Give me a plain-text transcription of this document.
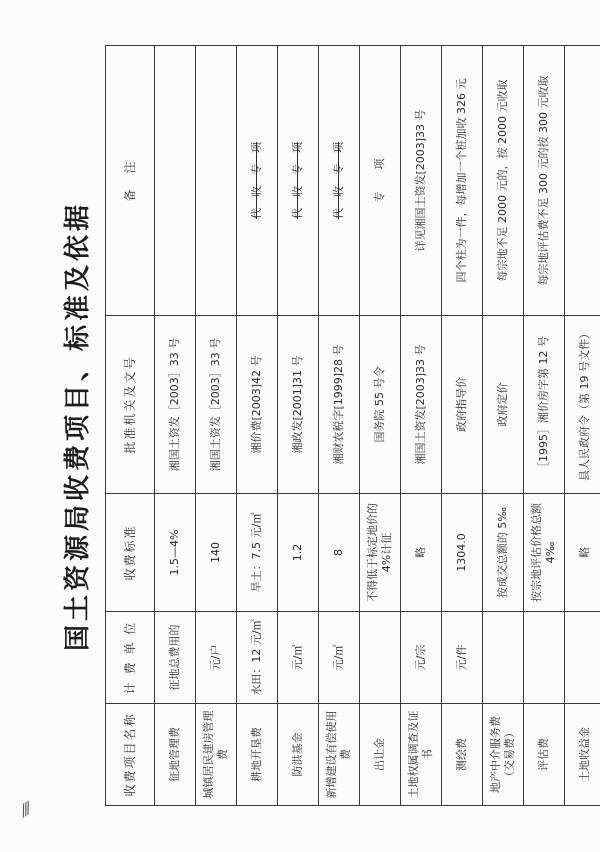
国土资源局收费项目、标准及依据
收费项目名称	计 费 单 位	收费标准	批准机关及文号	备　注
征地管理费	征地总费用的	1.5—4%	湘国土资发［2003］33 号	
城镇居民建房管理费	元/户	140	湘国土资发［2003］33 号	
耕地开垦费	水田：12 元/㎡	旱土：7.5 元/㎡	湘价费[2003]42 号	代　收　专　项
防洪基金	元/㎡	1.2	湘政发[2001]31 号	代　收　专　项
新增建设有偿使用费	元/㎡	8	湘财农税字[1999]28 号	代　收　专　项
出让金		不得低于标定地价的4%计征	国务院 55 号令	专　　项
土地权属调查及证书	元/宗	略	湘国土资发[2003]33 号	详见湘国土资发[2003]33 号
测绘费	元/件	1304.0	政府指导价	四个柱为一件，每增加一个桩加收 326 元
地产中介服务费（交易费）		按成交总额的 5‰	政府定价	每宗地不足 2000 元的，按 2000 元收取
评估费		按宗地评估价格总额 4‰	［1995］湘价房字第 12 号	每宗地评估费不足 300 元的按 300 元收取
土地收益金		略	县人民政府令（第 19 号文件）	
⁄⁄⁄
